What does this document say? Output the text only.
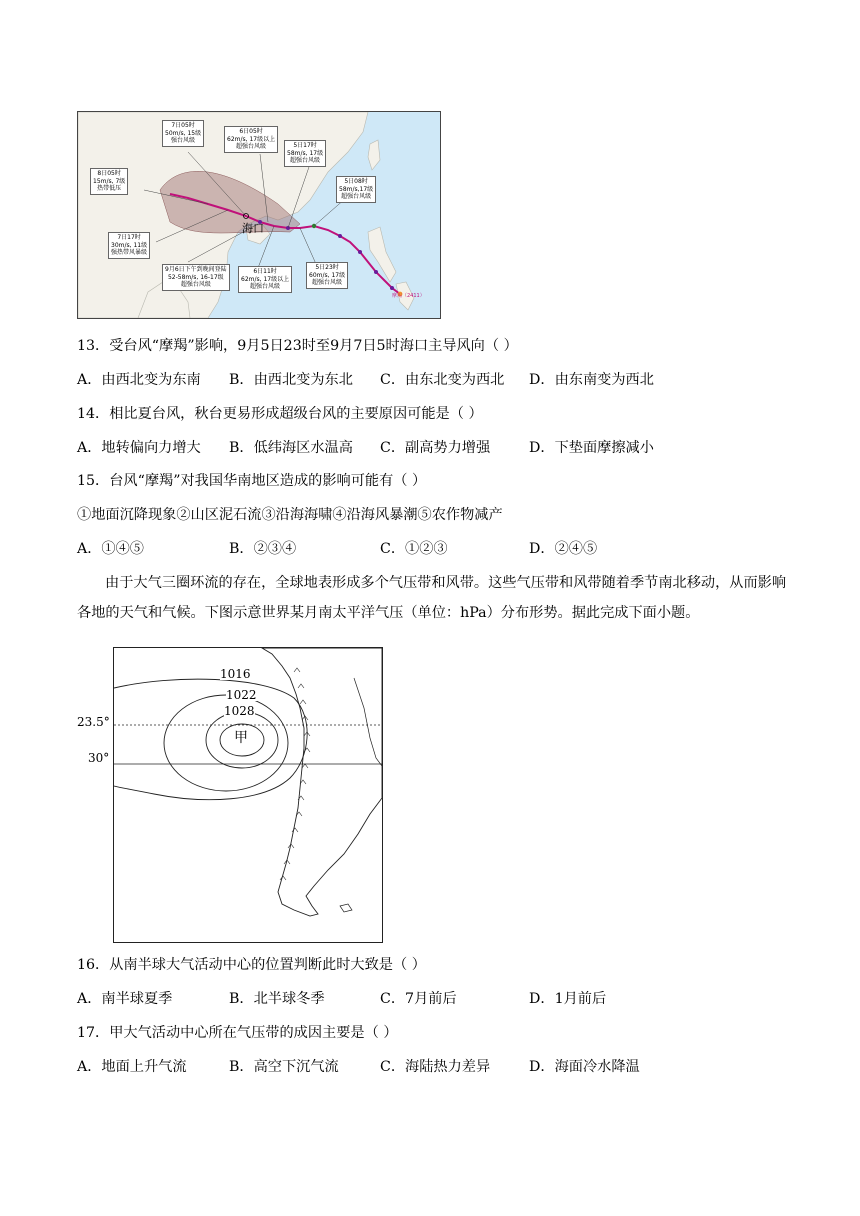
7日05时
50m/s, 15级
强台风级
6日05时
62m/s, 17级以上
超强台风级	5日17时
58m/s, 17级
超强台风级
8日05时
15m/s, 7级
热带低压
5日08时
58m/s,17级
超强台风级
7日17时
30m/s, 11级
强热带风暴级
9月6日下午到晚间登陆
52-58m/s, 16-17级
超强台风级
6日11时
62m/s, 17级以上
超强台风级
5日23时
60m/s, 17级
超强台风级
海口
摩羯（2411）
13．受台风“摩羯”影响，9月5日23时至9月7日5时海口主导风向（ ）
A．由西北变为东南 B．由西北变为东北 C．由东北变为西北 D．由东南变为西北
14．相比夏台风，秋台更易形成超级台风的主要原因可能是（ ）
A．地转偏向力增大 B．低纬海区水温高 C．副高势力增强	D．下垫面摩擦减小
15．台风“摩羯”对我国华南地区造成的影响可能有（ ）
①地面沉降现象②山区泥石流③沿海海啸④沿海风暴潮⑤农作物减产
A．①④⑤	B．②③④	C．①②③	D．②④⑤
由于大气三圈环流的存在，全球地表形成多个气压带和风带。这些气压带和风带随着季节南北移动，从而影响各地的天气和气候。下图示意世界某月南太平洋气压（单位：hPa）分布形势。据此完成下面小题。
1016
1022
1028
甲
23.5°
30°
16．从南半球大气活动中心的位置判断此时大致是（ ）
A．南半球夏季	B．北半球冬季	C．7月前后	D．1月前后
17．甲大气活动中心所在气压带的成因主要是（ ）
A．地面上升气流	B．高空下沉气流	C．海陆热力差异	D．海面冷水降温
